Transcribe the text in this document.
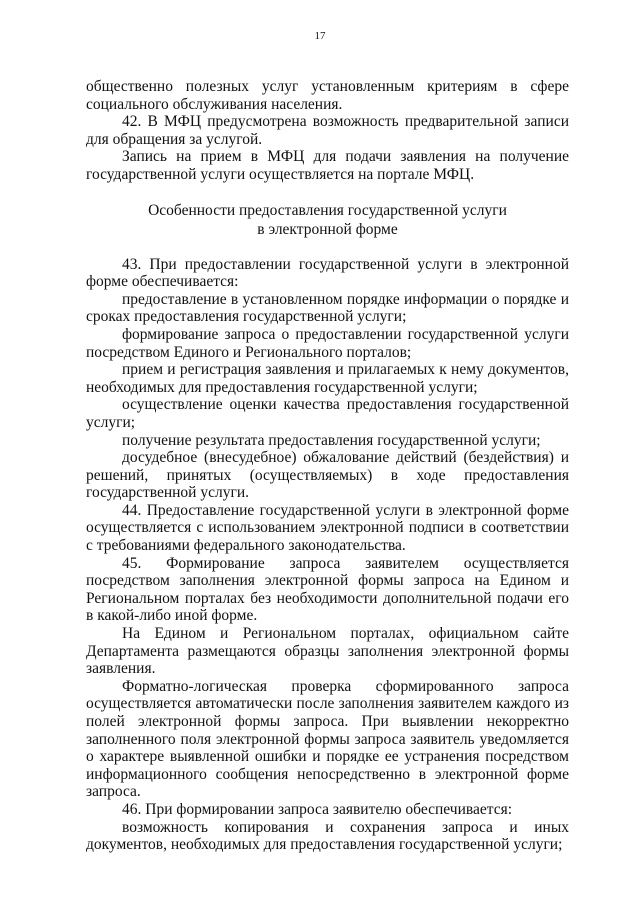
17

общественно полезных услуг установленным критериям в сфере социального обслуживания населения.

42. В МФЦ предусмотрена возможность предварительной записи для обращения за услугой.

Запись на прием в МФЦ для подачи заявления на получение государственной услуги осуществляется на портале МФЦ.

Особенности предоставления государственной услуги
в электронной форме

43. При предоставлении государственной услуги в электронной форме обеспечивается:

предоставление в установленном порядке информации о порядке и сроках предоставления государственной услуги;

формирование запроса о предоставлении государственной услуги посредством Единого и Регионального порталов;

прием и регистрация заявления и прилагаемых к нему документов, необходимых для предоставления государственной услуги;

осуществление оценки качества предоставления государственной услуги;

получение результата предоставления государственной услуги;

досудебное (внесудебное) обжалование действий (бездействия) и решений, принятых (осуществляемых) в ходе предоставления государственной услуги.

44. Предоставление государственной услуги в электронной форме осуществляется с использованием электронной подписи в соответствии с требованиями федерального законодательства.

45. Формирование запроса заявителем осуществляется посредством заполнения электронной формы запроса на Едином и Региональном порталах без необходимости дополнительной подачи его в какой-либо иной форме.

На Едином и Региональном порталах, официальном сайте Департамента размещаются образцы заполнения электронной формы заявления.

Форматно-логическая проверка сформированного запроса осуществляется автоматически после заполнения заявителем каждого из полей электронной формы запроса. При выявлении некорректно заполненного поля электронной формы запроса заявитель уведомляется о характере выявленной ошибки и порядке ее устранения посредством информационного сообщения непосредственно в электронной форме запроса.

46. При формировании запроса заявителю обеспечивается:

возможность копирования и сохранения запроса и иных документов, необходимых для предоставления государственной услуги;
